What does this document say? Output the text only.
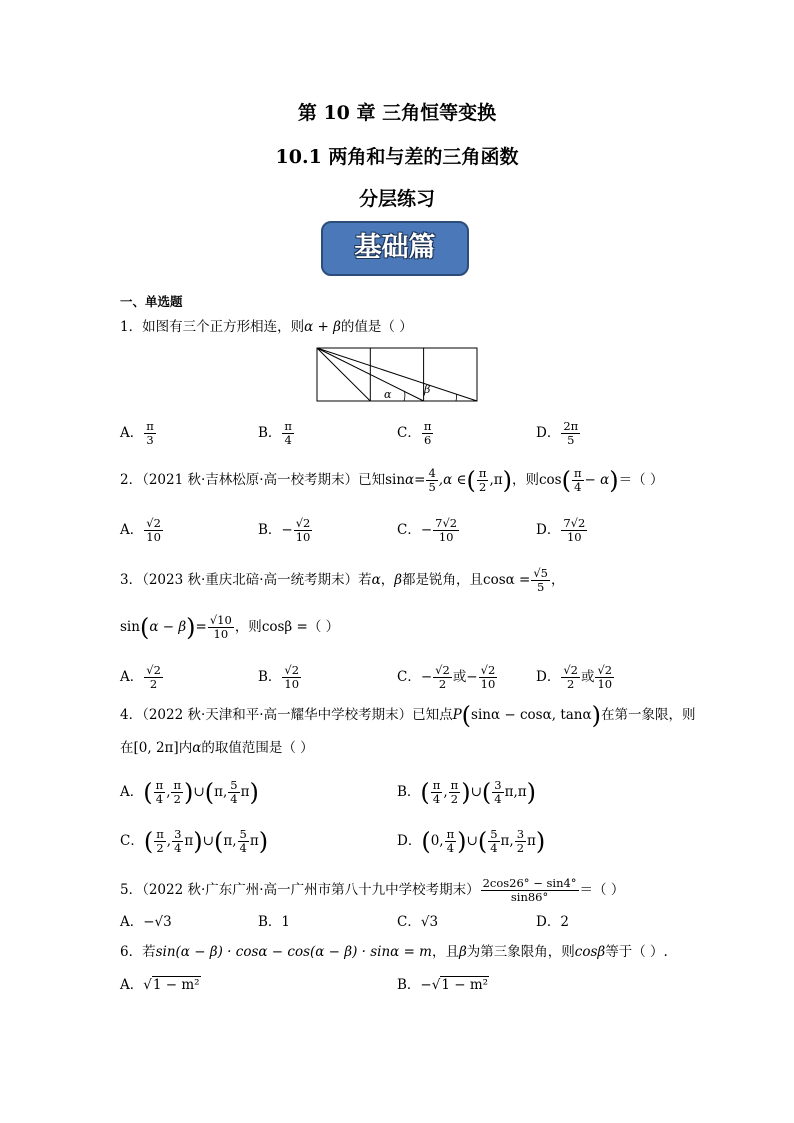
第 10 章 三角恒等变换
10.1 两角和与差的三角函数
分层练习
基础篇
一、单选题
1．如图有三个正方形相连，则α + β的值是（ ）
α	β
A． $\frac{\pi}{3}$	B． $\frac{\pi}{4}$	C． $\frac{\pi}{6}$	D． $\frac{2\pi}{5}$
2．（2021 秋·吉林松原·高一校考期末）已知$\sin\alpha= \frac{4}{5} ,\alpha$ ∈( $\frac{\pi}{2} ,\pi$)，则$\cos( \frac{\pi}{4} - \alpha)=$（ ）
A． $\frac{√2}{10}$	B．− $\frac{√2}{10}$	C．− $\frac{7√2}{10}$	D． $\frac{7√2}{10}$
3．（2023 秋·重庆北碚·高一统考期末）若α，β都是锐角，且$\cos\alpha = \frac{√5}{5}$ ，
$\sin(\alpha - \beta)= \frac{√10}{10}$ ，则cosβ =（ ）
A． $\frac{√2}{2}$	B． $\frac{√2}{10}$	C．− $\frac{√2}{2}$ 或− $\frac{√2}{10}$	D． $\frac{√2}{2}$ 或 $\frac{√2}{10}$
4．（2022 秋·天津和平·高一耀华中学校考期末）已知点P(sinα − cosα, tanα)在第一象限，则
在[0, 2π]内α的取值范围是（ ）
A．( $\frac{\pi}{4}$ , $\frac{\pi}{2}$ )∪(π, $\frac{5}{4} \pi$)	B．( $\frac{\pi}{4}$ , $\frac{\pi}{2}$ )∪( $\frac{3}{4} \pi,\pi$)
C．( $\frac{\pi}{2}$ , $\frac{3}{4}$ π)∪(π, $\frac{5}{4} \pi$)	D．(0, $\frac{\pi}{4}$ )∪( $\frac{5}{4} \pi$, $\frac{3}{2} \pi$)
5．（2022 秋·广东广州·高一广州市第八十九中学校考期末） $\frac{2\cos 26^\circ - \sin 4^\circ}{\sin 86^\circ}$ ＝（ ）
A．−√3	B．1	C．√3	D．2
6．若sin(α − β) · cosα − cos(α − β) · sinα = m，且β为第三象限角，则cosβ等于（ ）.
A．√1 − m²	B．−√1 − m²
